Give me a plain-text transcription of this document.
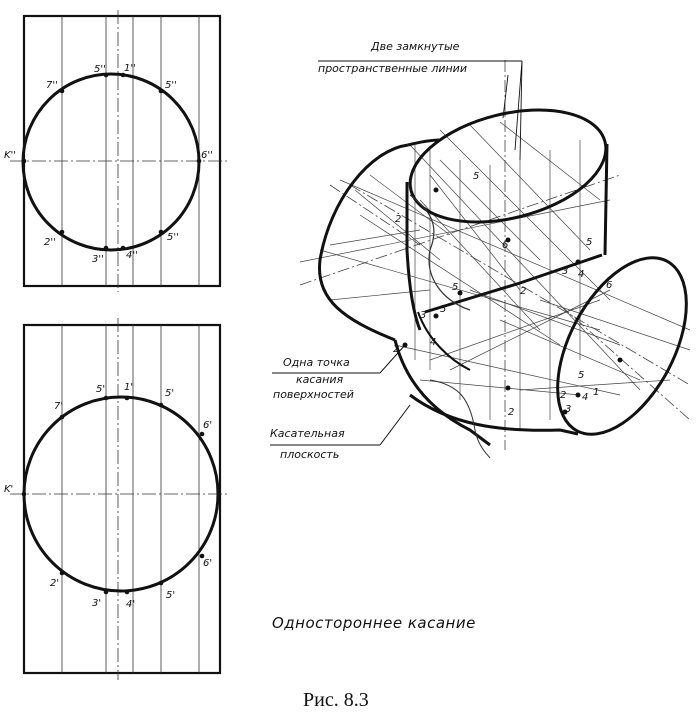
K''
7''
5'' 1''
5''
6''
2''
3'' 4''
5''
K'
7'
5' 1'
5'
6'
2'
3' 4'
5'
6'
5
2
6	5
3 4
6
5	2
3
5
2
4
5
2	3
4 1
2
Две замкнутые
пространственные линии
Одна точка
касания
поверхностей
Касательная
плоскость
Одностороннее касание
Рис. 8.3
